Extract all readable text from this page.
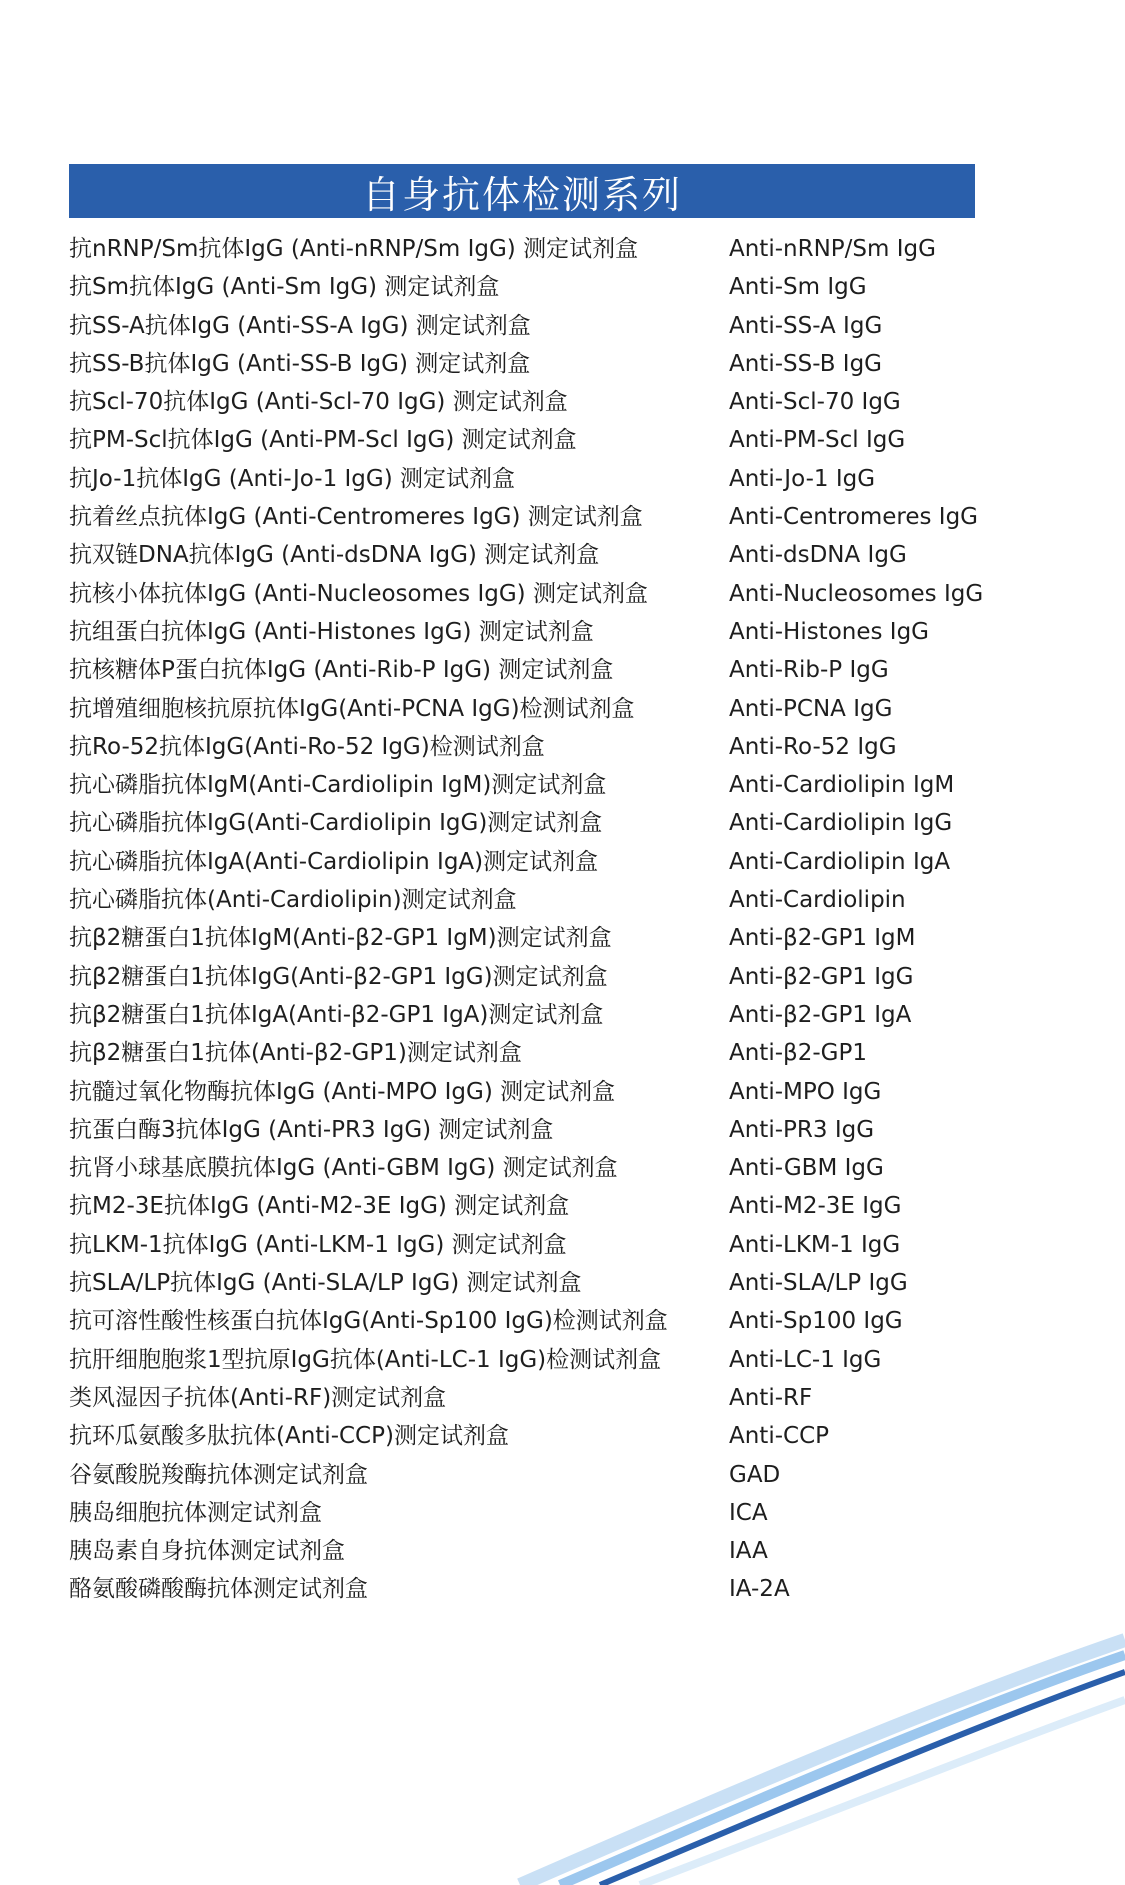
自身抗体检测系列
抗nRNP/Sm抗体IgG (Anti-nRNP/Sm IgG) 测定试剂盒	Anti-nRNP/Sm IgG
抗Sm抗体IgG (Anti-Sm IgG) 测定试剂盒	Anti-Sm IgG
抗SS-A抗体IgG (Anti-SS-A IgG) 测定试剂盒	Anti-SS-A IgG
抗SS-B抗体IgG (Anti-SS-B IgG) 测定试剂盒	Anti-SS-B IgG
抗Scl-70抗体IgG (Anti-Scl-70 IgG) 测定试剂盒	Anti-Scl-70 IgG
抗PM-Scl抗体IgG (Anti-PM-Scl IgG) 测定试剂盒	Anti-PM-Scl IgG
抗Jo-1抗体IgG (Anti-Jo-1 IgG) 测定试剂盒	Anti-Jo-1 IgG
抗着丝点抗体IgG (Anti-Centromeres IgG) 测定试剂盒	Anti-Centromeres IgG
抗双链DNA抗体IgG (Anti-dsDNA IgG) 测定试剂盒	Anti-dsDNA IgG
抗核小体抗体IgG (Anti-Nucleosomes IgG) 测定试剂盒	Anti-Nucleosomes IgG
抗组蛋白抗体IgG (Anti-Histones IgG) 测定试剂盒	Anti-Histones IgG
抗核糖体P蛋白抗体IgG (Anti-Rib-P IgG) 测定试剂盒	Anti-Rib-P IgG
抗增殖细胞核抗原抗体IgG(Anti-PCNA IgG)检测试剂盒	Anti-PCNA IgG
抗Ro-52抗体IgG(Anti-Ro-52 IgG)检测试剂盒	Anti-Ro-52 IgG
抗心磷脂抗体IgM(Anti-Cardiolipin IgM)测定试剂盒	Anti-Cardiolipin IgM
抗心磷脂抗体IgG(Anti-Cardiolipin IgG)测定试剂盒	Anti-Cardiolipin IgG
抗心磷脂抗体IgA(Anti-Cardiolipin IgA)测定试剂盒	Anti-Cardiolipin IgA
抗心磷脂抗体(Anti-Cardiolipin)测定试剂盒	Anti-Cardiolipin
抗β2糖蛋白1抗体IgM(Anti-β2-GP1 IgM)测定试剂盒	Anti-β2-GP1 IgM
抗β2糖蛋白1抗体IgG(Anti-β2-GP1 IgG)测定试剂盒	Anti-β2-GP1 IgG
抗β2糖蛋白1抗体IgA(Anti-β2-GP1 IgA)测定试剂盒	Anti-β2-GP1 IgA
抗β2糖蛋白1抗体(Anti-β2-GP1)测定试剂盒	Anti-β2-GP1
抗髓过氧化物酶抗体IgG (Anti-MPO IgG) 测定试剂盒	Anti-MPO IgG
抗蛋白酶3抗体IgG (Anti-PR3 IgG) 测定试剂盒	Anti-PR3 IgG
抗肾小球基底膜抗体IgG (Anti-GBM IgG) 测定试剂盒	Anti-GBM IgG
抗M2-3E抗体IgG (Anti-M2-3E IgG) 测定试剂盒	Anti-M2-3E IgG
抗LKM-1抗体IgG (Anti-LKM-1 IgG) 测定试剂盒	Anti-LKM-1 IgG
抗SLA/LP抗体IgG (Anti-SLA/LP IgG) 测定试剂盒	Anti-SLA/LP IgG
抗可溶性酸性核蛋白抗体IgG(Anti-Sp100 IgG)检测试剂盒	Anti-Sp100 IgG
抗肝细胞胞浆1型抗原IgG抗体(Anti-LC-1 IgG)检测试剂盒	Anti-LC-1 IgG
类风湿因子抗体(Anti-RF)测定试剂盒	Anti-RF
抗环瓜氨酸多肽抗体(Anti-CCP)测定试剂盒	Anti-CCP
谷氨酸脱羧酶抗体测定试剂盒	GAD
胰岛细胞抗体测定试剂盒	ICA
胰岛素自身抗体测定试剂盒	IAA
酪氨酸磷酸酶抗体测定试剂盒	IA-2A
